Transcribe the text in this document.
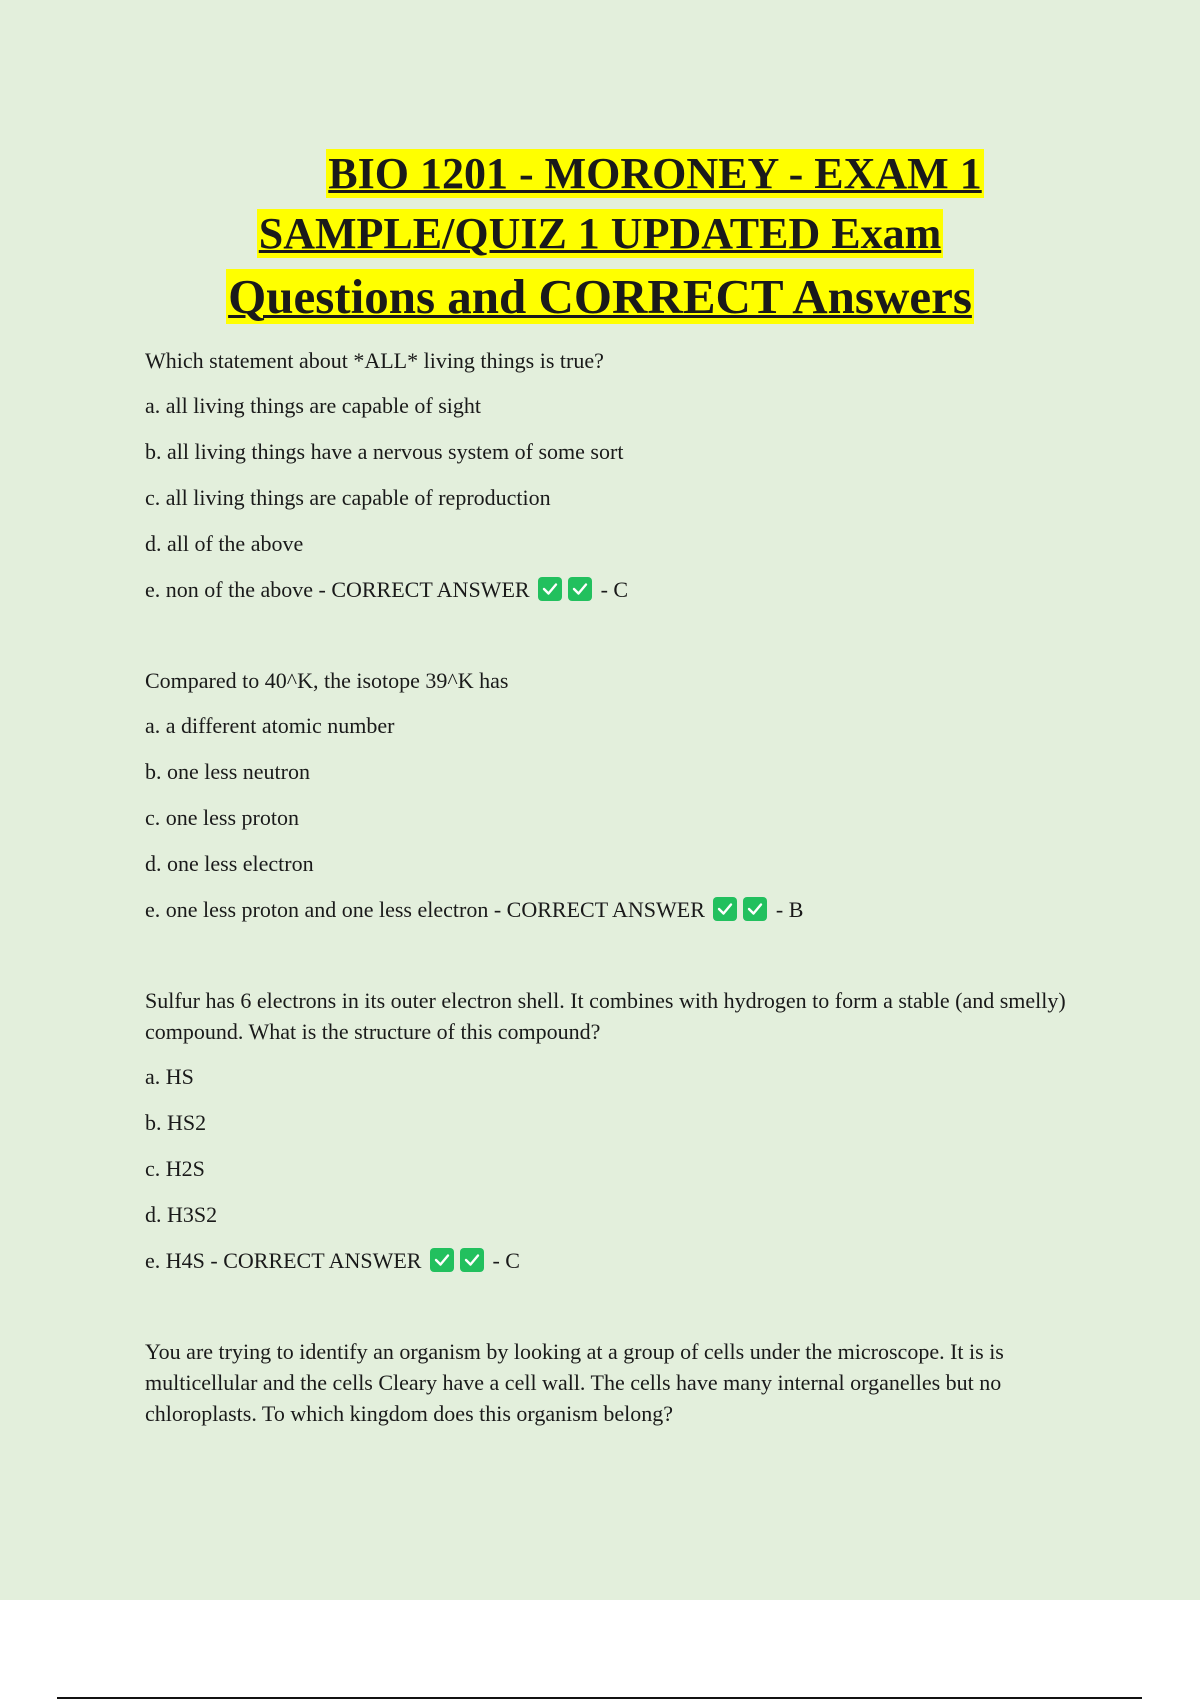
BIO 1201 - MORONEY - EXAM 1
SAMPLE/QUIZ 1 UPDATED Exam
Questions and CORRECT Answers

Which statement about *ALL* living things is true?

a. all living things are capable of sight

b. all living things have a nervous system of some sort

c. all living things are capable of reproduction

d. all of the above

e. non of the above - CORRECT ANSWER	- C

Compared to 40^K, the isotope 39^K has

a. a different atomic number

b. one less neutron

c. one less proton

d. one less electron

e. one less proton and one less electron - CORRECT ANSWER	- B

Sulfur has 6 electrons in its outer electron shell. It combines with hydrogen to form a stable (and smelly) compound. What is the structure of this compound?

a. HS

b. HS2

c. H2S

d. H3S2

e. H4S - CORRECT ANSWER	- C

You are trying to identify an organism by looking at a group of cells under the microscope. It is is multicellular and the cells Cleary have a cell wall. The cells have many internal organelles but no chloroplasts. To which kingdom does this organism belong?
